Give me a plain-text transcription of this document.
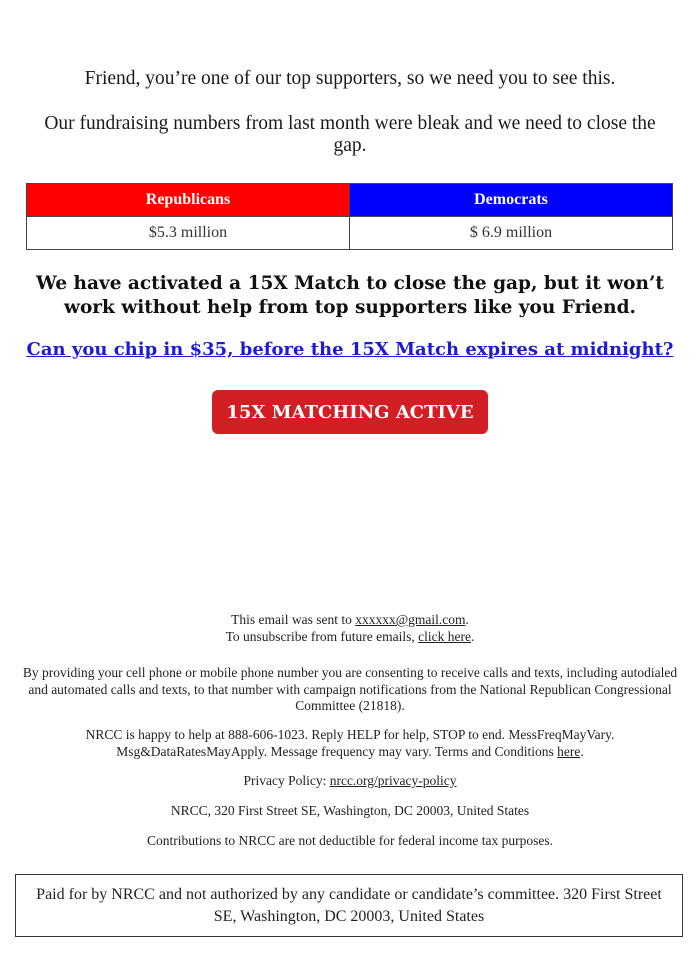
Friend, you’re one of our top supporters, so we need you to see this.

Our fundraising numbers from last month were bleak and we need to close the gap.

Republicans	Democrats
$5.3 million	$ 6.9 million

We have activated a 15X Match to close the gap, but it won’t work without help from top supporters like you Friend.

Can you chip in $35, before the 15X Match expires at midnight?

15X MATCHING ACTIVE

This email was sent to xxxxxx@gmail.com.
To unsubscribe from future emails, click here.

By providing your cell phone or mobile phone number you are consenting to receive calls and texts, including autodialed and automated calls and texts, to that number with campaign notifications from the National Republican Congressional Committee (21818).

NRCC is happy to help at 888-606-1023. Reply HELP for help, STOP to end. MessFreqMayVary. Msg&DataRatesMayApply. Message frequency may vary. Terms and Conditions here.

Privacy Policy: nrcc.org/privacy-policy

NRCC, 320 First Street SE, Washington, DC 20003, United States

Contributions to NRCC are not deductible for federal income tax purposes.

Paid for by NRCC and not authorized by any candidate or candidate’s committee. 320 First Street SE, Washington, DC 20003, United States
